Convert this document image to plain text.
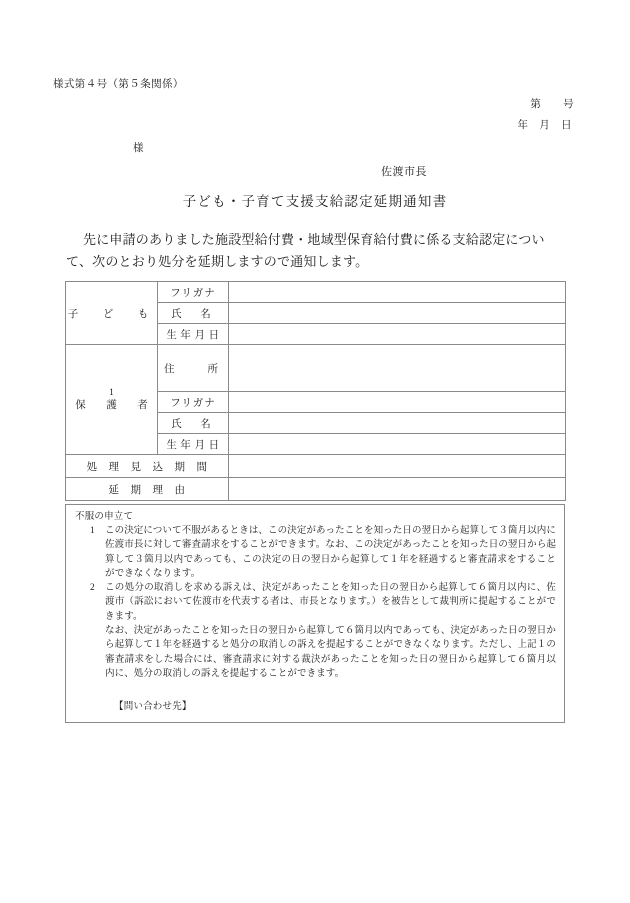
様式第４号（第５条関係）
第　　号
年　月　日
様
佐渡市長
子ども・子育て支援支給認定延期通知書
先に申請のありました施設型給付費・地域型保育給付費に係る支給認定について、次のとおり処分を延期しますので通知します。
子　ど　も	フリガナ	
	氏　名	
	生 年 月 日	

1
保　護　者	住　　所	
	フリガナ	
	氏　名	
	生 年 月 日	
処　理　見　込　期　間		
延　期　理　由		
不服の申立て
1 この決定について不服があるときは、この決定があったことを知った日の翌日から起算して３箇月以内に佐渡市長に対して審査請求をすることができます。なお、この決定があったことを知った日の翌日から起算して３箇月以内であっても、この決定の日の翌日から起算して１年を経過すると審査請求をすることができなくなります。
2 この処分の取消しを求める訴えは、決定があったことを知った日の翌日から起算して６箇月以内に、佐渡市（訴訟において佐渡市を代表する者は、市長となります。）を被告として裁判所に提起することができます。
なお、決定があったことを知った日の翌日から起算して６箇月以内であっても、決定があった日の翌日から起算して１年を経過すると処分の取消しの訴えを提起することができなくなります。ただし、上記１の審査請求をした場合には、審査請求に対する裁決があったことを知った日の翌日から起算して６箇月以内に、処分の取消しの訴えを提起することができます。
【問い合わせ先】
